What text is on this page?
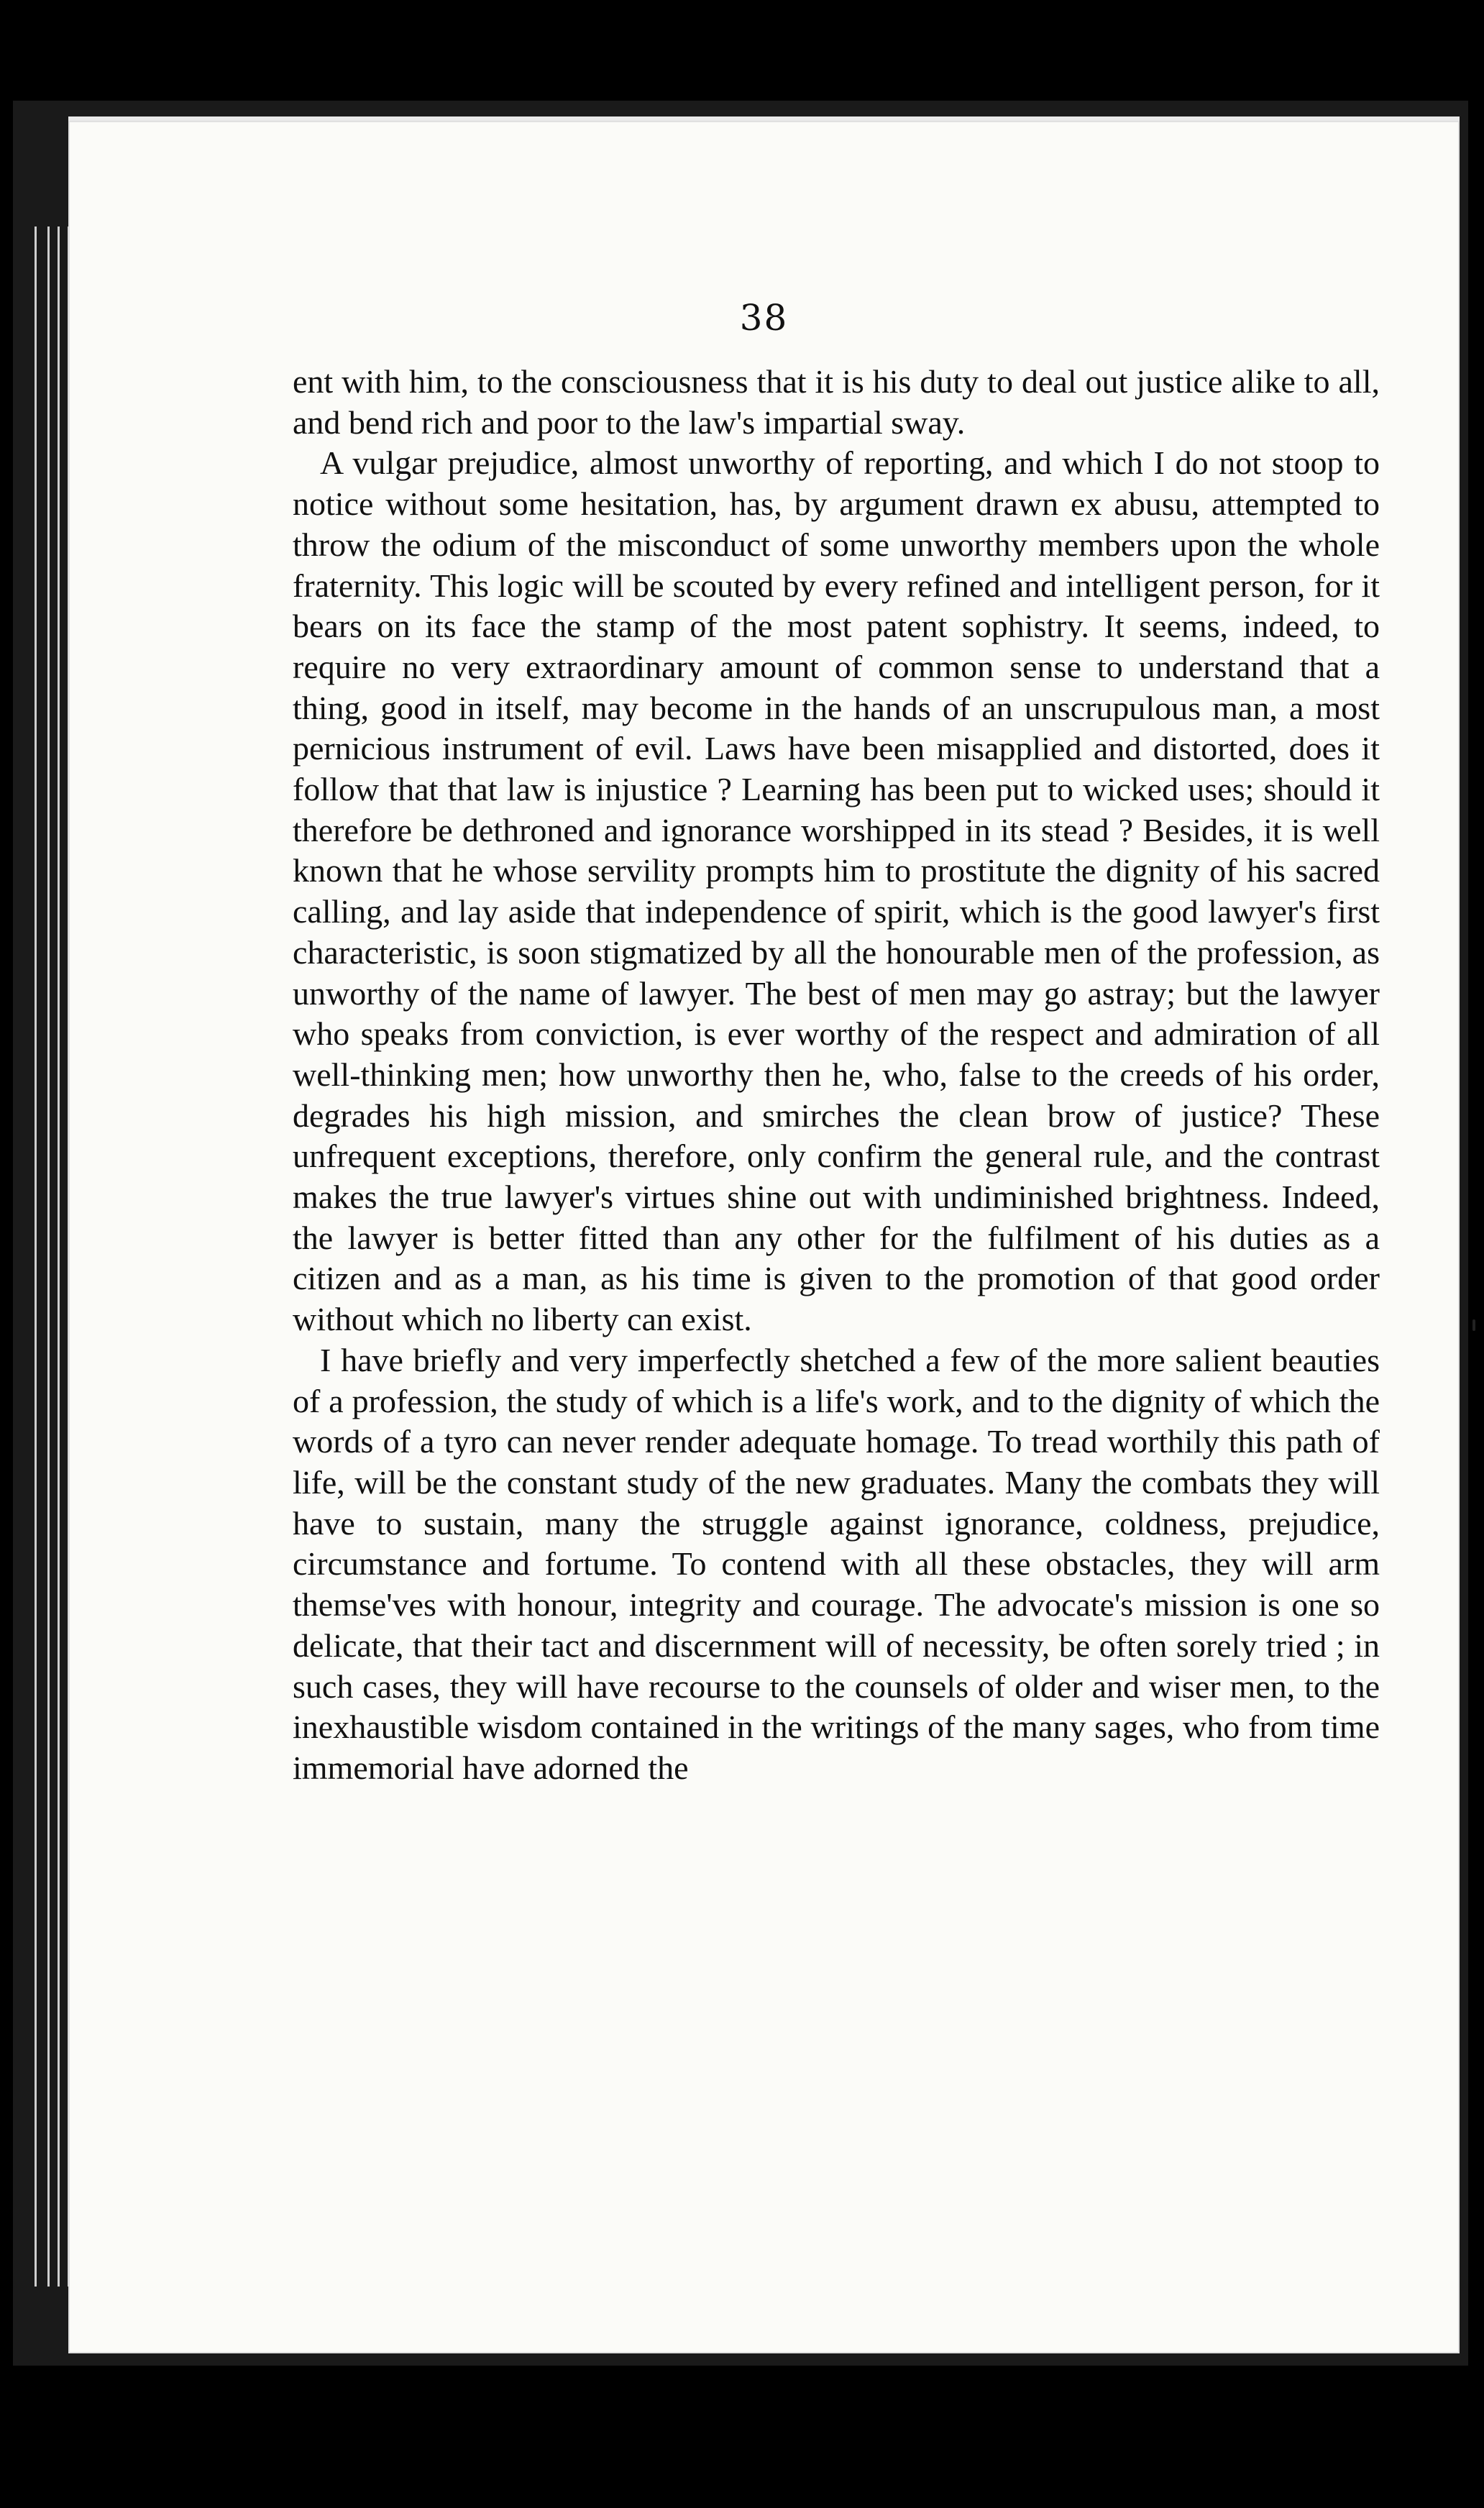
38

ent with him, to the consciousness that it is his duty to deal out justice alike to all, and bend rich and poor to the law's impartial sway.

A vulgar prejudice, almost unworthy of reporting, and which I do not stoop to notice without some hesitation, has, by argument drawn ex abusu, attempted to throw the odium of the misconduct of some unworthy members upon the whole fraternity. This logic will be scouted by every refined and intelligent person, for it bears on its face the stamp of the most patent sophistry. It seems, indeed, to require no very extraordinary amount of common sense to understand that a thing, good in itself, may become in the hands of an unscrupulous man, a most pernicious instrument of evil. Laws have been misapplied and distorted, does it follow that that law is injustice ? Learning has been put to wicked uses; should it therefore be dethroned and ignorance worshipped in its stead ? Besides, it is well known that he whose servility prompts him to prostitute the dignity of his sacred calling, and lay aside that independence of spirit, which is the good lawyer's first characteristic, is soon stigmatized by all the honourable men of the profession, as unworthy of the name of lawyer. The best of men may go astray; but the lawyer who speaks from conviction, is ever worthy of the respect and admiration of all well-thinking men; how unworthy then he, who, false to the creeds of his order, degrades his high mission, and smirches the clean brow of justice? These unfrequent exceptions, therefore, only confirm the general rule, and the contrast makes the true lawyer's virtues shine out with undiminished brightness. Indeed, the lawyer is better fitted than any other for the fulfilment of his duties as a citizen and as a man, as his time is given to the promotion of that good order without which no liberty can exist.

I have briefly and very imperfectly shetched a few of the more salient beauties of a profession, the study of which is a life's work, and to the dignity of which the words of a tyro can never render adequate homage. To tread worthily this path of life, will be the constant study of the new graduates. Many the combats they will have to sustain, many the struggle against ignorance, coldness, prejudice, circumstance and fortume. To contend with all these obstacles, they will arm themse'ves with honour, integrity and courage. The advocate's mission is one so delicate, that their tact and discernment will of necessity, be often sorely tried ; in such cases, they will have recourse to the counsels of older and wiser men, to the inexhaustible wisdom contained in the writings of the many sages, who from time immemorial have adorned the
